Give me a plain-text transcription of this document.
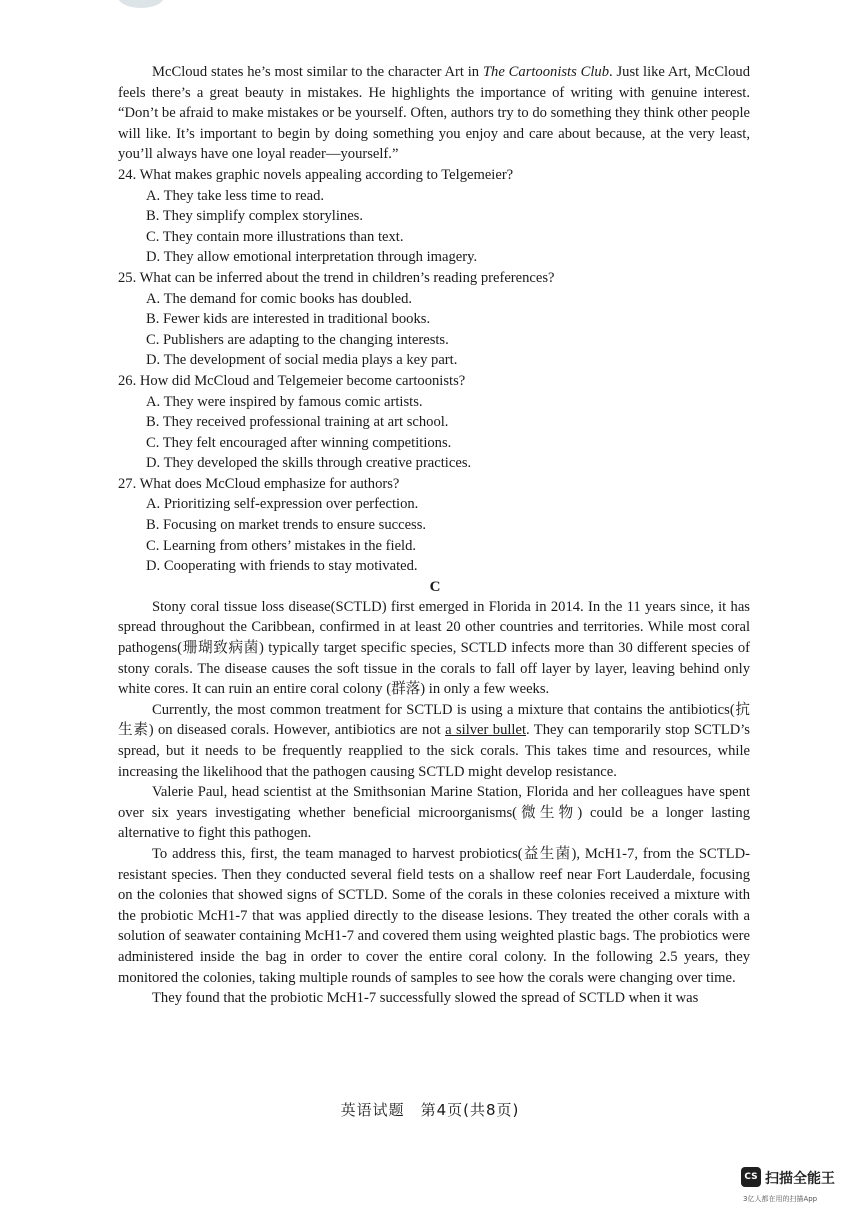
McCloud states he’s most similar to the character Art in The Cartoonists Club. Just like Art, McCloud feels there’s a great beauty in mistakes. He highlights the importance of writing with genuine interest. “Don’t be afraid to make mistakes or be yourself. Often, authors try to do something they think other people will like. It’s important to begin by doing something you enjoy and care about because, at the very least, you’ll always have one loyal reader—yourself.”

24. What makes graphic novels appealing according to Telgemeier?
A. They take less time to read.
B. They simplify complex storylines.
C. They contain more illustrations than text.
D. They allow emotional interpretation through imagery.
25. What can be inferred about the trend in children’s reading preferences?
A. The demand for comic books has doubled.
B. Fewer kids are interested in traditional books.
C. Publishers are adapting to the changing interests.
D. The development of social media plays a key part.
26. How did McCloud and Telgemeier become cartoonists?
A. They were inspired by famous comic artists.
B. They received professional training at art school.
C. They felt encouraged after winning competitions.
D. They developed the skills through creative practices.
27. What does McCloud emphasize for authors?
A. Prioritizing self-expression over perfection.
B. Focusing on market trends to ensure success.
C. Learning from others’ mistakes in the field.
D. Cooperating with friends to stay motivated.
C

Stony coral tissue loss disease(SCTLD) first emerged in Florida in 2014. In the 11 years since, it has spread throughout the Caribbean, confirmed in at least 20 other countries and territories. While most coral pathogens(珊瑚致病菌) typically target specific species, SCTLD infects more than 30 different species of stony corals. The disease causes the soft tissue in the corals to fall off layer by layer, leaving behind only white cores. It can ruin an entire coral colony (群落) in only a few weeks.

Currently, the most common treatment for SCTLD is using a mixture that contains the antibiotics(抗生素) on diseased corals. However, antibiotics are not a silver bullet. They can temporarily stop SCTLD’s spread, but it needs to be frequently reapplied to the sick corals. This takes time and resources, while increasing the likelihood that the pathogen causing SCTLD might develop resistance.

Valerie Paul, head scientist at the Smithsonian Marine Station, Florida and her colleagues have spent over six years investigating whether beneficial microorganisms(微生物) could be a longer lasting alternative to fight this pathogen.

To address this, first, the team managed to harvest probiotics(益生菌), McH1-7, from the SCTLD-resistant species. Then they conducted several field tests on a shallow reef near Fort Lauderdale, focusing on the colonies that showed signs of SCTLD. Some of the corals in these colonies received a mixture with the probiotic McH1-7 that was applied directly to the disease lesions. They treated the other corals with a solution of seawater containing McH1-7 and covered them using weighted plastic bags. The probiotics were administered inside the bag in order to cover the entire coral colony. In the following 2.5 years, they monitored the colonies, taking multiple rounds of samples to see how the corals were changing over time.

They found that the probiotic McH1-7 successfully slowed the spread of SCTLD when it was

英语试题　第4页(共8页)
CS 扫描全能王
3亿人都在用的扫描App
